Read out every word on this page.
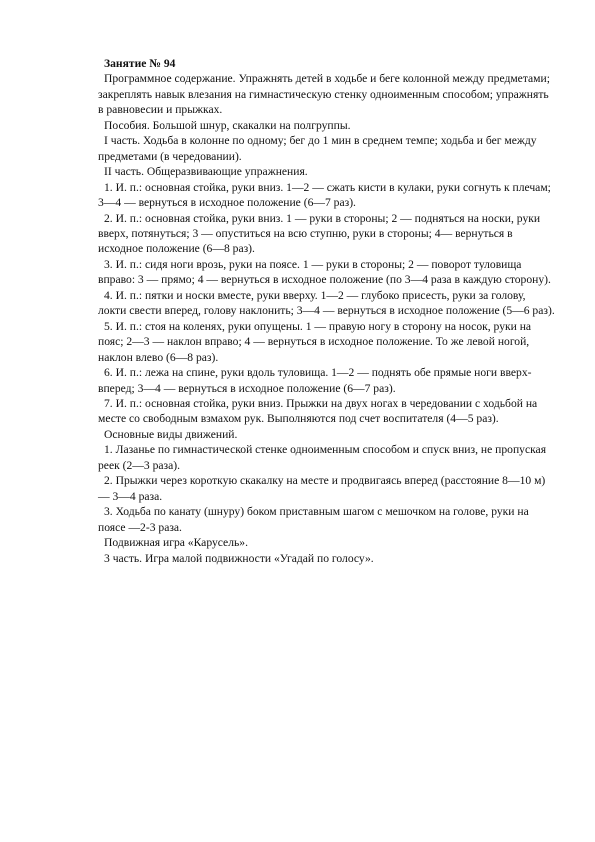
Занятие № 94

Программное содержание. Упражнять детей в ходьбе и беге колонной между предметами; закреплять навык влезания на гимнастическую стенку одноименным способом; упражнять в равновесии и прыжках.

Пособия. Большой шнур, скакалки на полгруппы.

I часть. Ходьба в колонне по одному; бег до 1 мин в среднем темпе; ходьба и бег между предметами (в чередовании).

II часть. Общеразвивающие упражнения.

1. И. п.: основная стойка, руки вниз. 1—2 — сжать кисти в кулаки, руки согнуть к плечам; 3—4 — вернуться в исходное положение (6—7 раз).

2. И. п.: основная стойка, руки вниз. 1 — руки в стороны; 2 — подняться на носки, руки вверх, потянуться; 3 — опуститься на всю ступню, руки в стороны; 4— вернуться в исходное положение (6—8 раз).

3. И. п.: сидя ноги врозь, руки на поясе. 1 — руки в стороны; 2 — поворот туловища вправо: 3 — прямо; 4 — вернуться в исходное положение (по 3—4 раза в каждую сторону).

4. И. п.: пятки и носки вместе, руки вверху. 1—2 — глубоко присесть, руки за голову, локти свести вперед, голову наклонить; 3—4 — вернуться в исходное положение (5—6 раз).

5. И. п.: стоя на коленях, руки опущены. 1 — правую ногу в сторону на носок, руки на пояс; 2—3 — наклон вправо; 4 — вернуться в исходное положение. То же левой ногой, наклон влево (6—8 раз).

6. И. п.: лежа на спине, руки вдоль туловища. 1—2 — поднять обе прямые ноги вверх-вперед; 3—4 — вернуться в исходное положение (6—7 раз).

7. И. п.: основная стойка, руки вниз. Прыжки на двух ногах в чередовании с ходьбой на месте со свободным взмахом рук. Выполняются под счет воспитателя (4—5 раз).

Основные виды движений.

1. Лазанье по гимнастической стенке одноименным способом и спуск вниз, не пропуская реек (2—3 раза).

2. Прыжки через короткую скакалку на месте и продвигаясь вперед (расстояние 8—10 м) — 3—4 раза.

3. Ходьба по канату (шнуру) боком приставным шагом с мешочком на голове, руки на поясе —2-3 раза.

Подвижная игра «Карусель».

3 часть. Игра малой подвижности «Угадай по голосу».
